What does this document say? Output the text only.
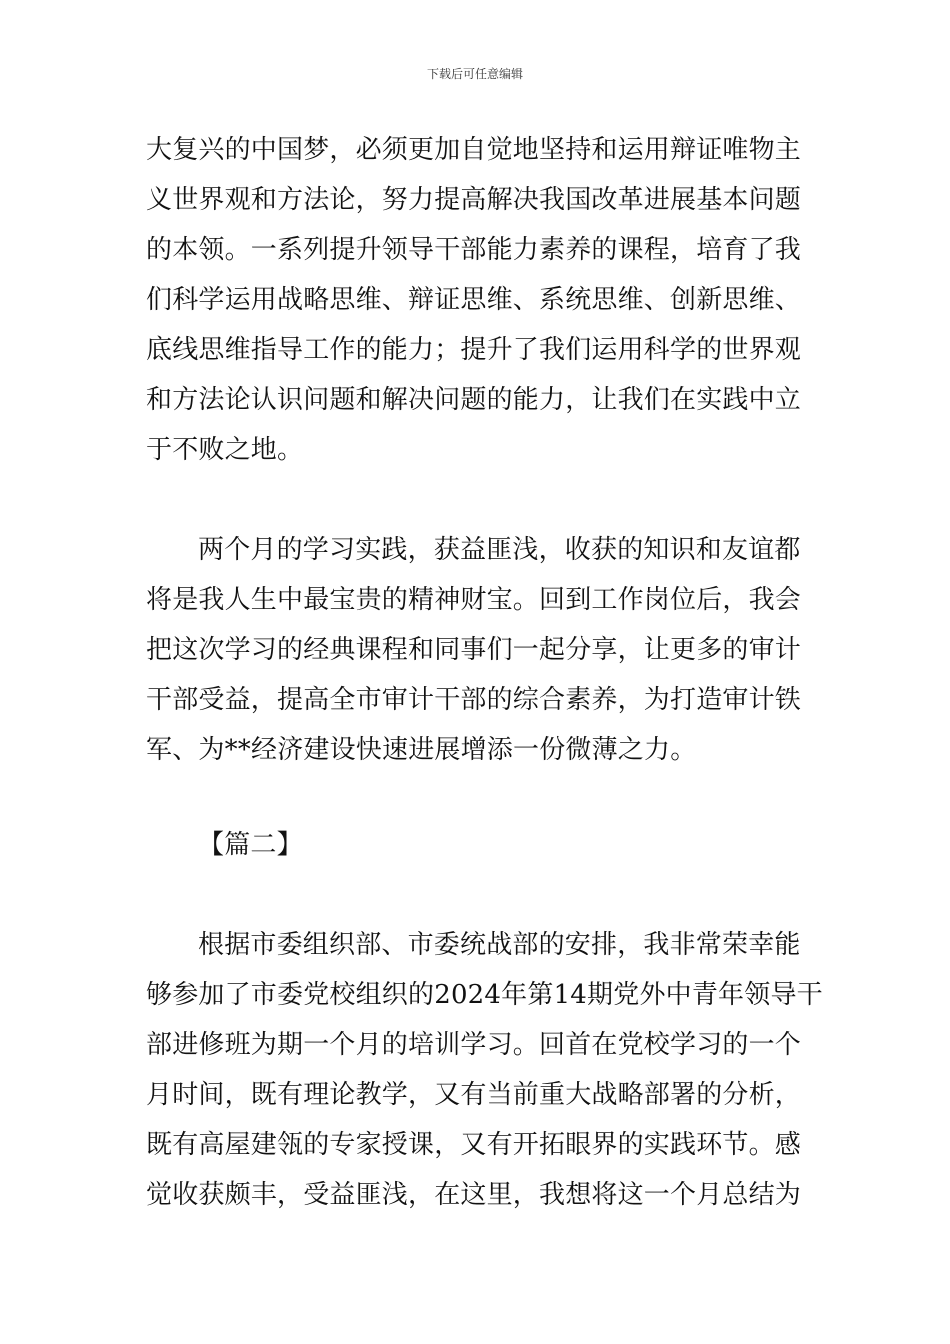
下载后可任意编辑
大复兴的中国梦，必须更加自觉地坚持和运用辩证唯物主
义世界观和方法论，努力提高解决我国改革进展基本问题
的本领。一系列提升领导干部能力素养的课程，培育了我
们科学运用战略思维、辩证思维、系统思维、创新思维、
底线思维指导工作的能力；提升了我们运用科学的世界观
和方法论认识问题和解决问题的能力，让我们在实践中立
于不败之地。
两个月的学习实践，获益匪浅，收获的知识和友谊都
将是我人生中最宝贵的精神财宝。回到工作岗位后，我会
把这次学习的经典课程和同事们一起分享，让更多的审计
干部受益，提高全市审计干部的综合素养，为打造审计铁
军、为**经济建设快速进展增添一份微薄之力。
【篇二】
根据市委组织部、市委统战部的安排，我非常荣幸能
够参加了市委党校组织的2024年第14期党外中青年领导干
部进修班为期一个月的培训学习。回首在党校学习的一个
月时间，既有理论教学，又有当前重大战略部署的分析，
既有高屋建瓴的专家授课，又有开拓眼界的实践环节。感
觉收获颇丰，受益匪浅，在这里，我想将这一个月总结为
